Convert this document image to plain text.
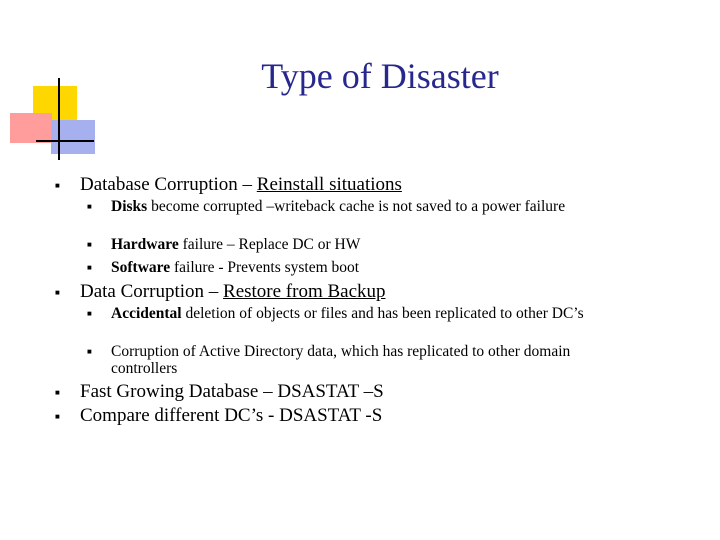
Type of Disaster
■ Database Corruption – Reinstall situations
■ Disks become corrupted –writeback cache is not saved to a power failure
■ Hardware failure – Replace DC or HW
■ Software failure - Prevents system boot
■ Data Corruption – Restore from Backup
■ Accidental deletion of objects or files and has been replicated to other DC’s
■ Corruption of Active Directory data, which has replicated to other domain controllers
■ Fast Growing Database – DSASTAT –S
■ Compare different DC’s - DSASTAT -S
